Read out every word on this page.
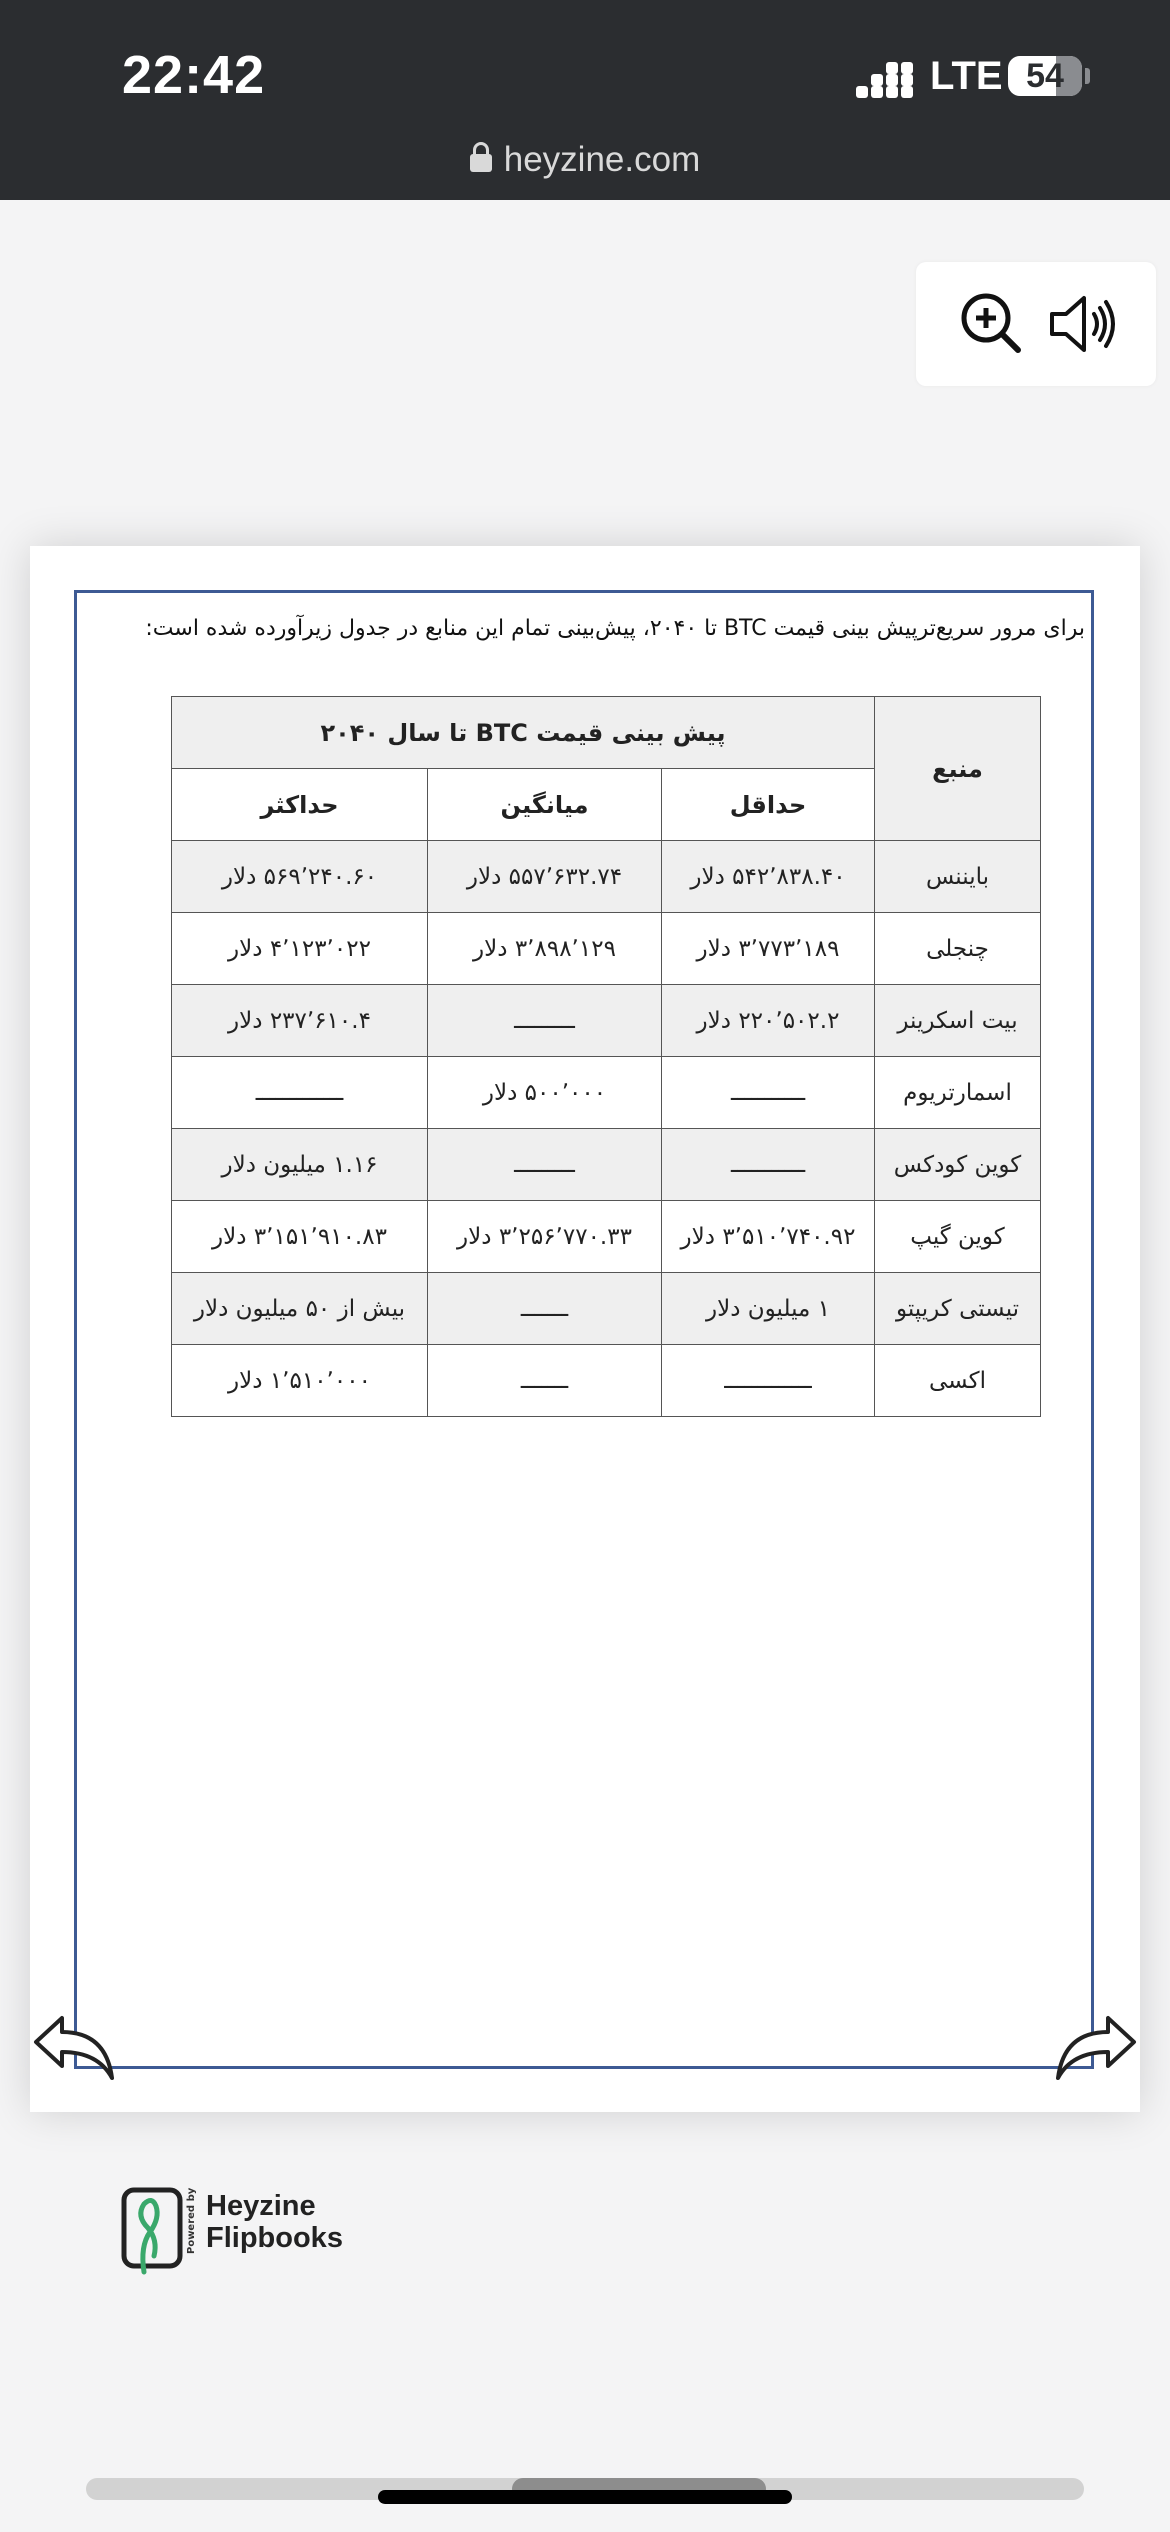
22:42	LTE 54
heyzine.com
برای مرور سریع‌ترپیش بینی قیمت BTC تا ۲۰۴۰، پیش‌بینی تمام این منابع در جدول زیرآورده شده است:
منبع	پیش بینی قیمت BTC تا سال ۲۰۴۰		
	حداقل	میانگین	حداکثر
بایننس	۵۴۲٬۸۳۸.۴۰ دلار	۵۵۷٬۶۳۲.۷۴ دلار	۵۶۹٬۲۴۰.۶۰ دلار
چنجلی	۳٬۷۷۳٬۱۸۹ دلار	۳٬۸۹۸٬۱۲۹ دلار	۴٬۱۲۳٬۰۲۲ دلار
بیت اسکرینر	۲۲۰٬۵۰۲.۲ دلار	ـــــــــ	۲۳۷٬۶۱۰.۴ دلار
اسمارتریوم	ـــــــــــ	۵۰۰٬۰۰۰ دلار	ـــــــــــــ
کوین کودکس	ـــــــــــ	ـــــــــ	۱.۱۶ میلیون دلار
کوین گیپ	۳٬۵۱۰٬۷۴۰.۹۲ دلار	۳٬۲۵۶٬۷۷۰.۳۳ دلار	۳٬۱۵۱٬۹۱۰.۸۳ دلار
تیستی کریپتو	۱ میلیون دلار	ـــــــ	بیش از ۵۰ میلیون دلار
اکسی	ـــــــــــــ	ـــــــ	۱٬۵۱۰٬۰۰۰ دلار
Powered by Heyzine
Flipbooks
